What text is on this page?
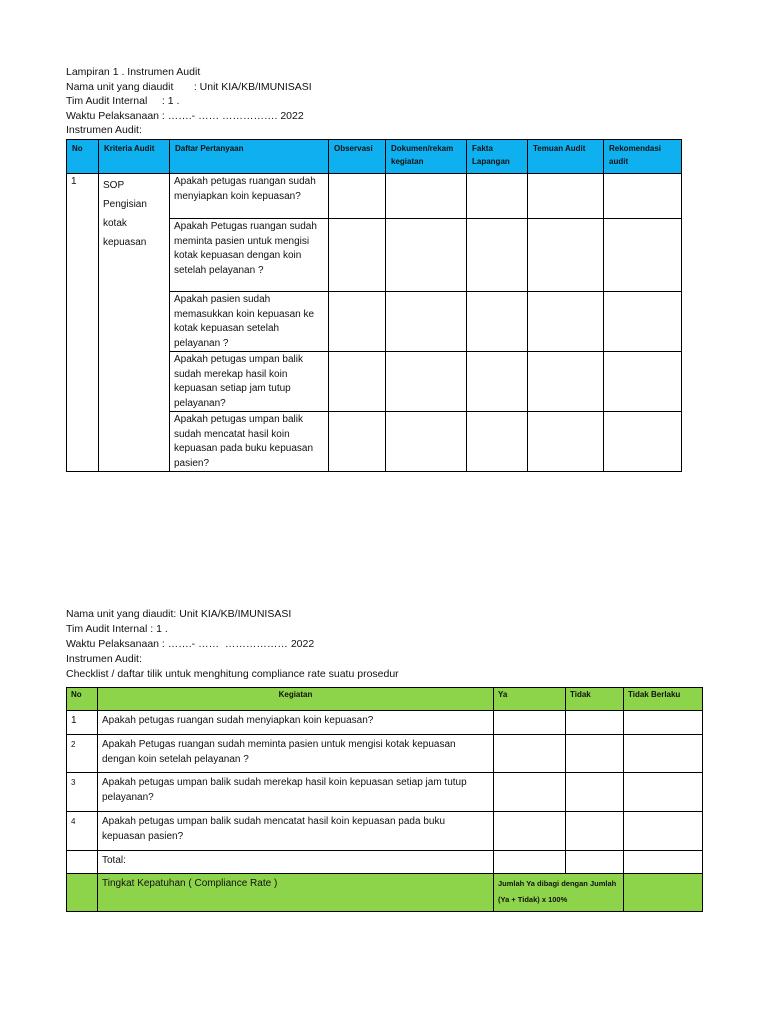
Lampiran 1 . Instrumen Audit
Nama unit yang diaudit       : Unit KIA/KB/IMUNISASI
Tim Audit Internal     : 1 .
Waktu Pelaksanaan : …….- …… ……………. 2022
Instrumen Audit:
No	Kriteria Audit	Daftar Pertanyaan	Observasi	Dokumen/rekam kegiatan	Fakta Lapangan	Temuan Audit	Rekomendasi audit
1	SOP Pengisian kotak kepuasan	Apakah petugas ruangan sudah menyiapkan koin kepuasan?					
		Apakah Petugas ruangan sudah meminta pasien untuk mengisi kotak kepuasan dengan koin setelah pelayanan ?					
		Apakah pasien sudah memasukkan koin kepuasan ke kotak kepuasan setelah pelayanan ?					
		Apakah petugas umpan balik sudah merekap hasil koin kepuasan setiap jam tutup pelayanan?					
		Apakah petugas umpan balik sudah mencatat hasil koin kepuasan pada buku kepuasan pasien?					
Nama unit yang diaudit: Unit KIA/KB/IMUNISASI
Tim Audit Internal : 1 .
Waktu Pelaksanaan : …….- ……  ……………… 2022
Instrumen Audit:
Checklist / daftar tilik untuk menghitung compliance rate suatu prosedur
No	Kegiatan	Ya	Tidak	Tidak Berlaku
1	Apakah petugas ruangan sudah menyiapkan koin kepuasan?			
2	Apakah Petugas ruangan sudah meminta pasien untuk mengisi kotak kepuasan dengan koin setelah pelayanan ?			
3	Apakah petugas umpan balik sudah merekap hasil koin kepuasan setiap jam tutup pelayanan?			
4	Apakah petugas umpan balik sudah mencatat hasil koin kepuasan pada buku kepuasan pasien?			
	Total:			
	Tingkat Kepatuhan ( Compliance Rate )	Jumlah Ya dibagi dengan Jumlah (Ya + Tidak) x 100%		
